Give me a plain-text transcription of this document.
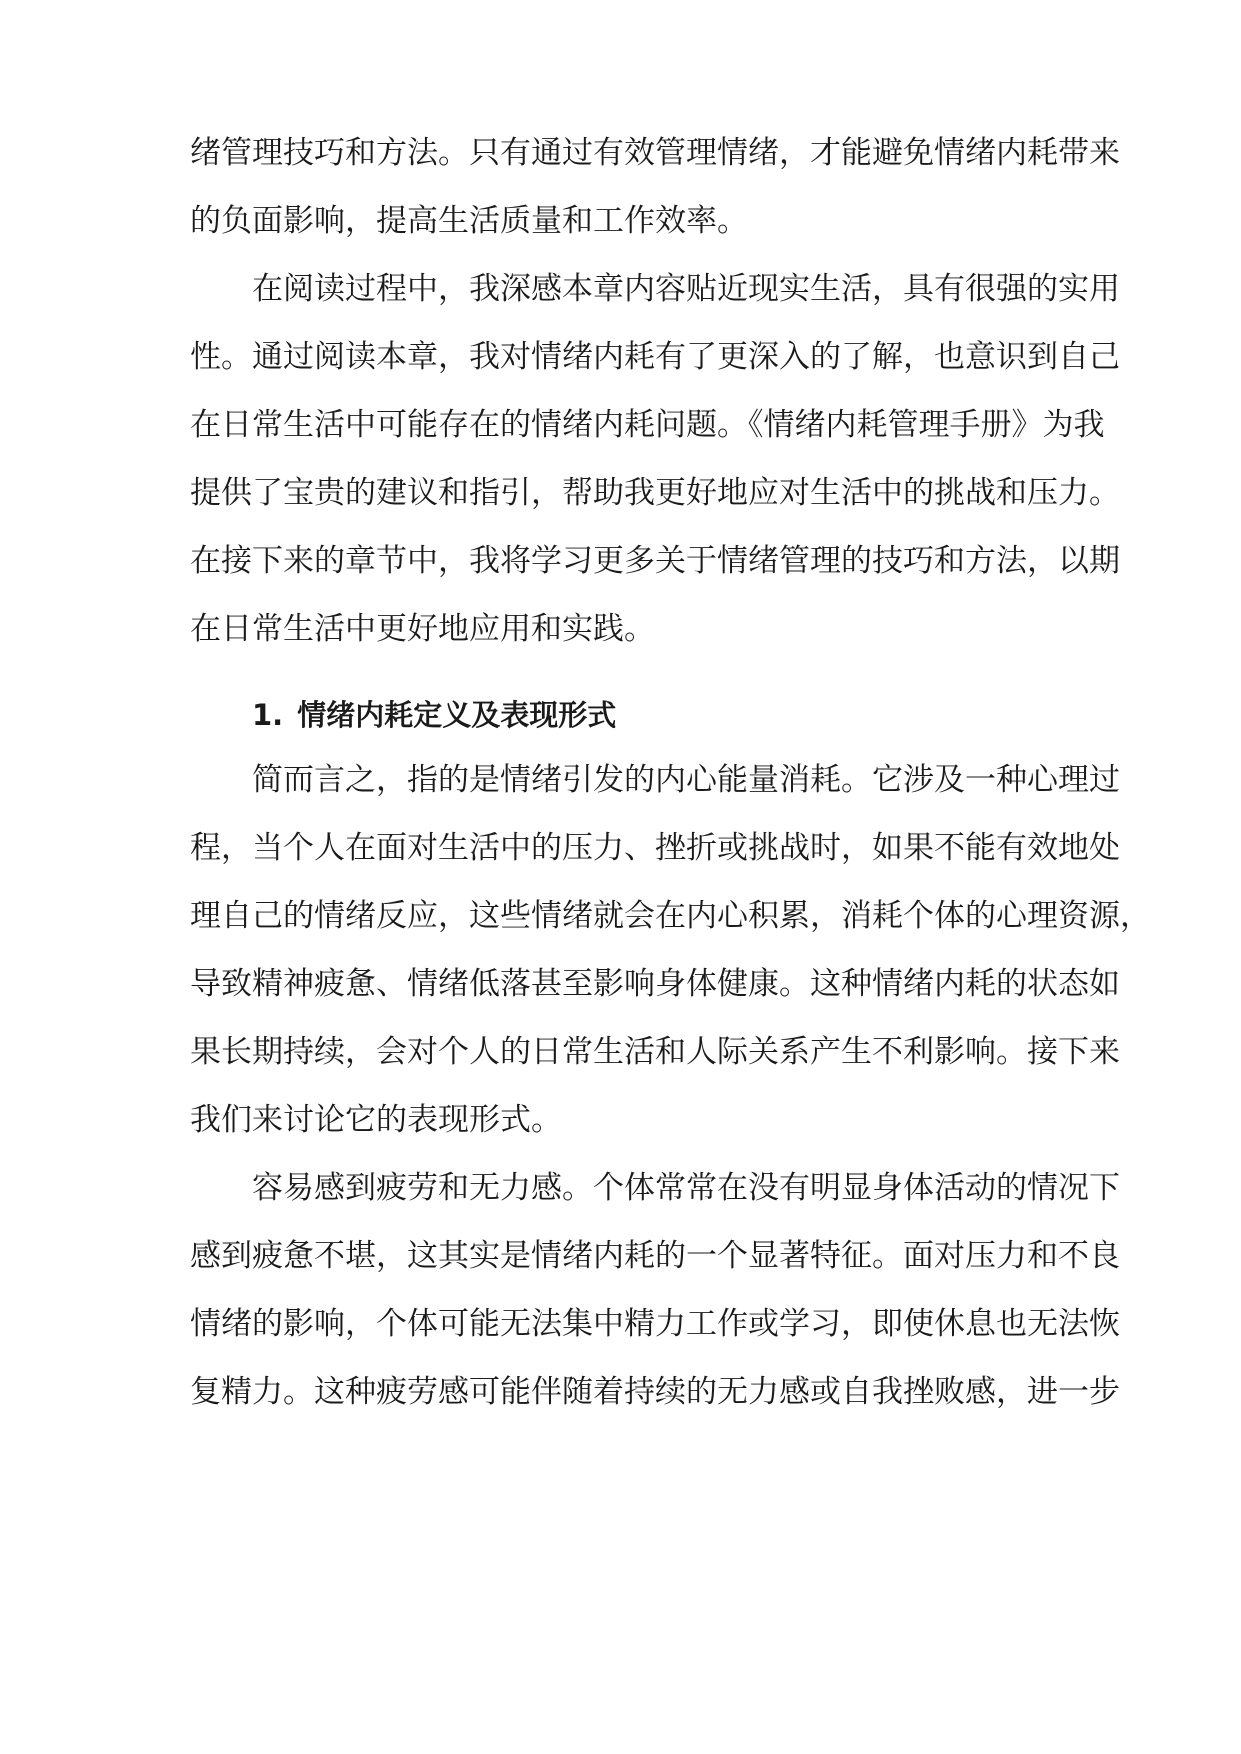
绪管理技巧和方法。只有通过有效管理情绪，才能避免情绪内耗带来
的负面影响，提高生活质量和工作效率。
在阅读过程中，我深感本章内容贴近现实生活，具有很强的实用
性。通过阅读本章，我对情绪内耗有了更深入的了解，也意识到自己
在日常生活中可能存在的情绪内耗问题。《情绪内耗管理手册》为我
提供了宝贵的建议和指引，帮助我更好地应对生活中的挑战和压力。
在接下来的章节中，我将学习更多关于情绪管理的技巧和方法，以期
在日常生活中更好地应用和实践。
1. 情绪内耗定义及表现形式
简而言之，指的是情绪引发的内心能量消耗。它涉及一种心理过
程，当个人在面对生活中的压力、挫折或挑战时，如果不能有效地处
理自己的情绪反应，这些情绪就会在内心积累，消耗个体的心理资源，
导致精神疲惫、情绪低落甚至影响身体健康。这种情绪内耗的状态如
果长期持续，会对个人的日常生活和人际关系产生不利影响。接下来
我们来讨论它的表现形式。
容易感到疲劳和无力感。个体常常在没有明显身体活动的情况下
感到疲惫不堪，这其实是情绪内耗的一个显著特征。面对压力和不良
情绪的影响，个体可能无法集中精力工作或学习，即使休息也无法恢
复精力。这种疲劳感可能伴随着持续的无力感或自我挫败感，进一步
